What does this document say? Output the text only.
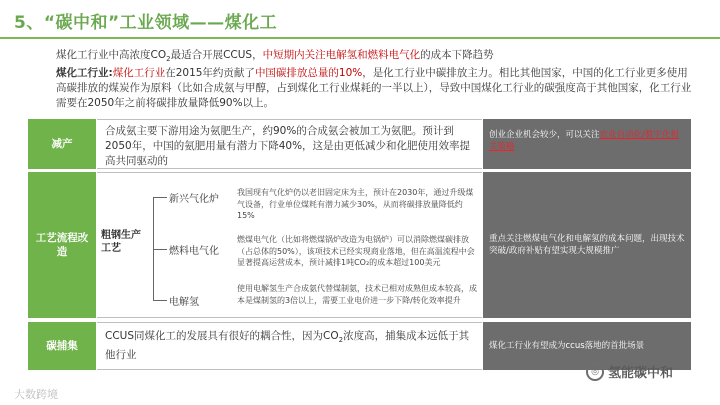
5、“碳中和”工业领域——煤化工
煤化工行业中高浓度$CO_2$最适合开展CCUS，中短期内关注电解氢和燃料电气化的成本下降趋势
煤化工行业:煤化工行业在2015年约贡献了中国碳排放总量的10%，是化工行业中碳排放主力。相比其他国家，中国的化工行业更多使用高碳排放的煤炭作为原料（比如合成氨与甲醇，占到煤化工行业煤耗的一半以上），导致中国煤化工行业的碳强度高于其他国家，化工行业需要在2050年之前将碳排放量降低90%以上。
减产
合成氨主要下游用途为氨肥生产，约90%的合成氨会被加工为氨肥。预计到2050年，中国的氨肥用量有潜力下降40%，这是由更低减少和化肥使用效率提高共同驱动的
创业企业机会较少，可以关注农业自动化/数字化相关策略
工艺流程改造
粗钢生产工艺
新兴气化炉
我国现有气化炉仍以老旧固定床为主，预计在2030年，通过升级煤气设备，行业单位煤耗有潜力减少30%，从而将碳排放量降低约15%
燃料电气化
燃煤电气化（比如将燃煤锅炉改造为电锅炉）可以消除燃煤碳排放（占总体的50%），该项技术已经实现商业落地，但在高温流程中会显著提高运营成本，预计减排1吨CO₂的成本超过100美元
电解氢
使用电解氢生产合成氨代替煤制氨，技术已相对成熟但成本较高，成本是煤制氢的3倍以上，需要工业电价进一步下降/转化效率提升
重点关注燃煤电气化和电解氢的成本问题，出现技术突破/政府补贴有望实现大规模推广
碳捕集
CCUS同煤化工的发展具有很好的耦合性，因为$CO_2$浓度高，捕集成本远低于其他行业
煤化工行业有望成为ccus落地的首批场景
大数跨境
◎ 氢能碳中和
